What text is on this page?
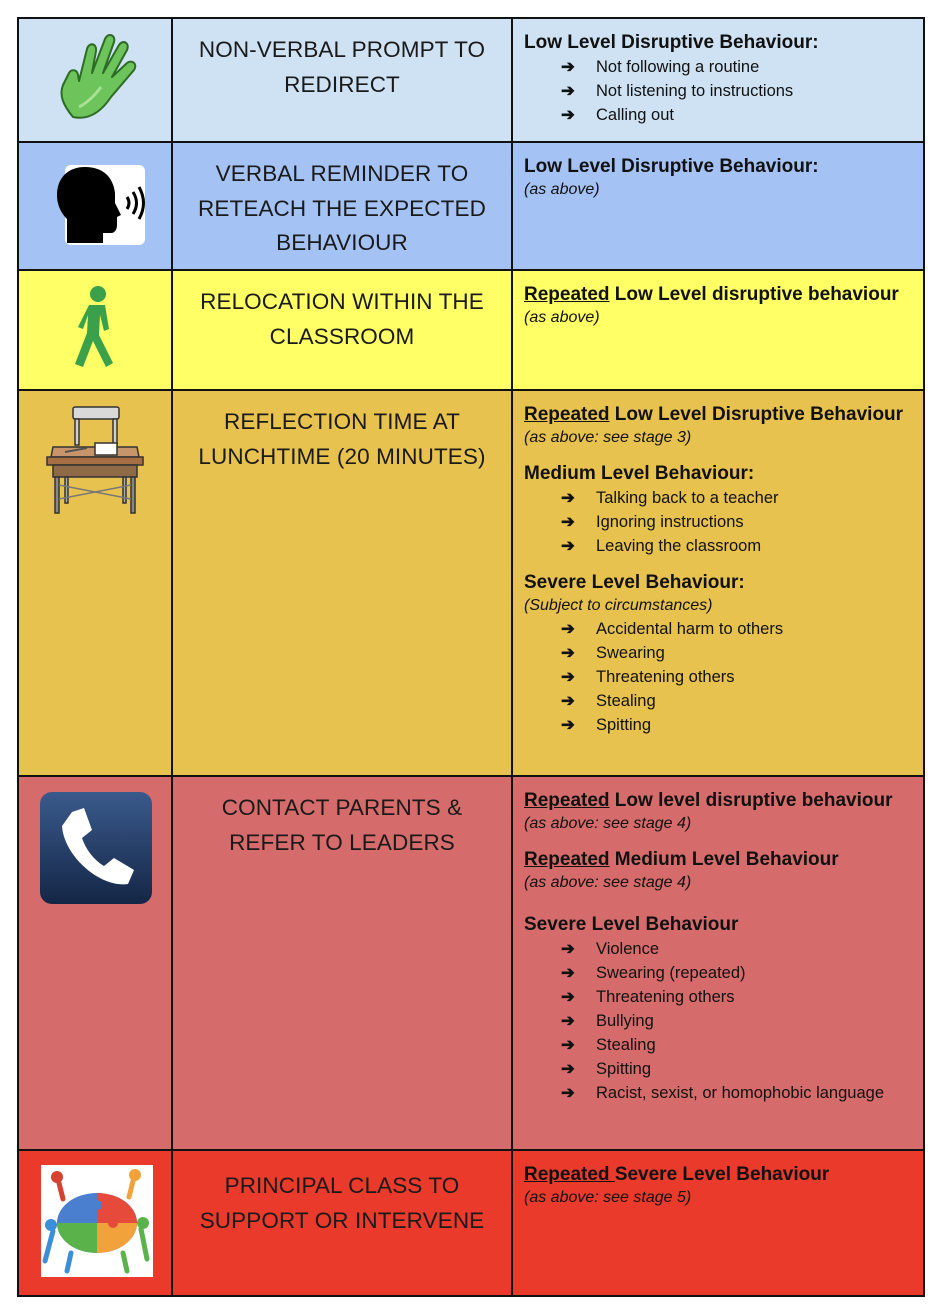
NON-VERBAL PROMPT TO REDIRECT
Low Level Disruptive Behaviour:
➔ Not following a routine
➔ Not listening to instructions
➔ Calling out
VERBAL REMINDER TO RETEACH THE EXPECTED BEHAVIOUR
Low Level Disruptive Behaviour:
(as above)
RELOCATION WITHIN THE CLASSROOM
Repeated Low Level disruptive behaviour
(as above)
REFLECTION TIME AT LUNCHTIME (20 MINUTES)
Repeated Low Level Disruptive Behaviour
(as above: see stage 3)
Medium Level Behaviour:
➔ Talking back to a teacher
➔ Ignoring instructions
➔ Leaving the classroom
Severe Level Behaviour:
(Subject to circumstances)
➔ Accidental harm to others
➔ Swearing
➔ Threatening others
➔ Stealing
➔ Spitting
CONTACT PARENTS & REFER TO LEADERS
Repeated Low level disruptive behaviour
(as above: see stage 4)
Repeated Medium Level Behaviour
(as above: see stage 4)
Severe Level Behaviour
➔ Violence
➔ Swearing (repeated)
➔ Threatening others
➔ Bullying
➔ Stealing
➔ Spitting
➔ Racist, sexist, or homophobic language
PRINCIPAL CLASS TO SUPPORT OR INTERVENE
Repeated Severe Level Behaviour
(as above: see stage 5)
